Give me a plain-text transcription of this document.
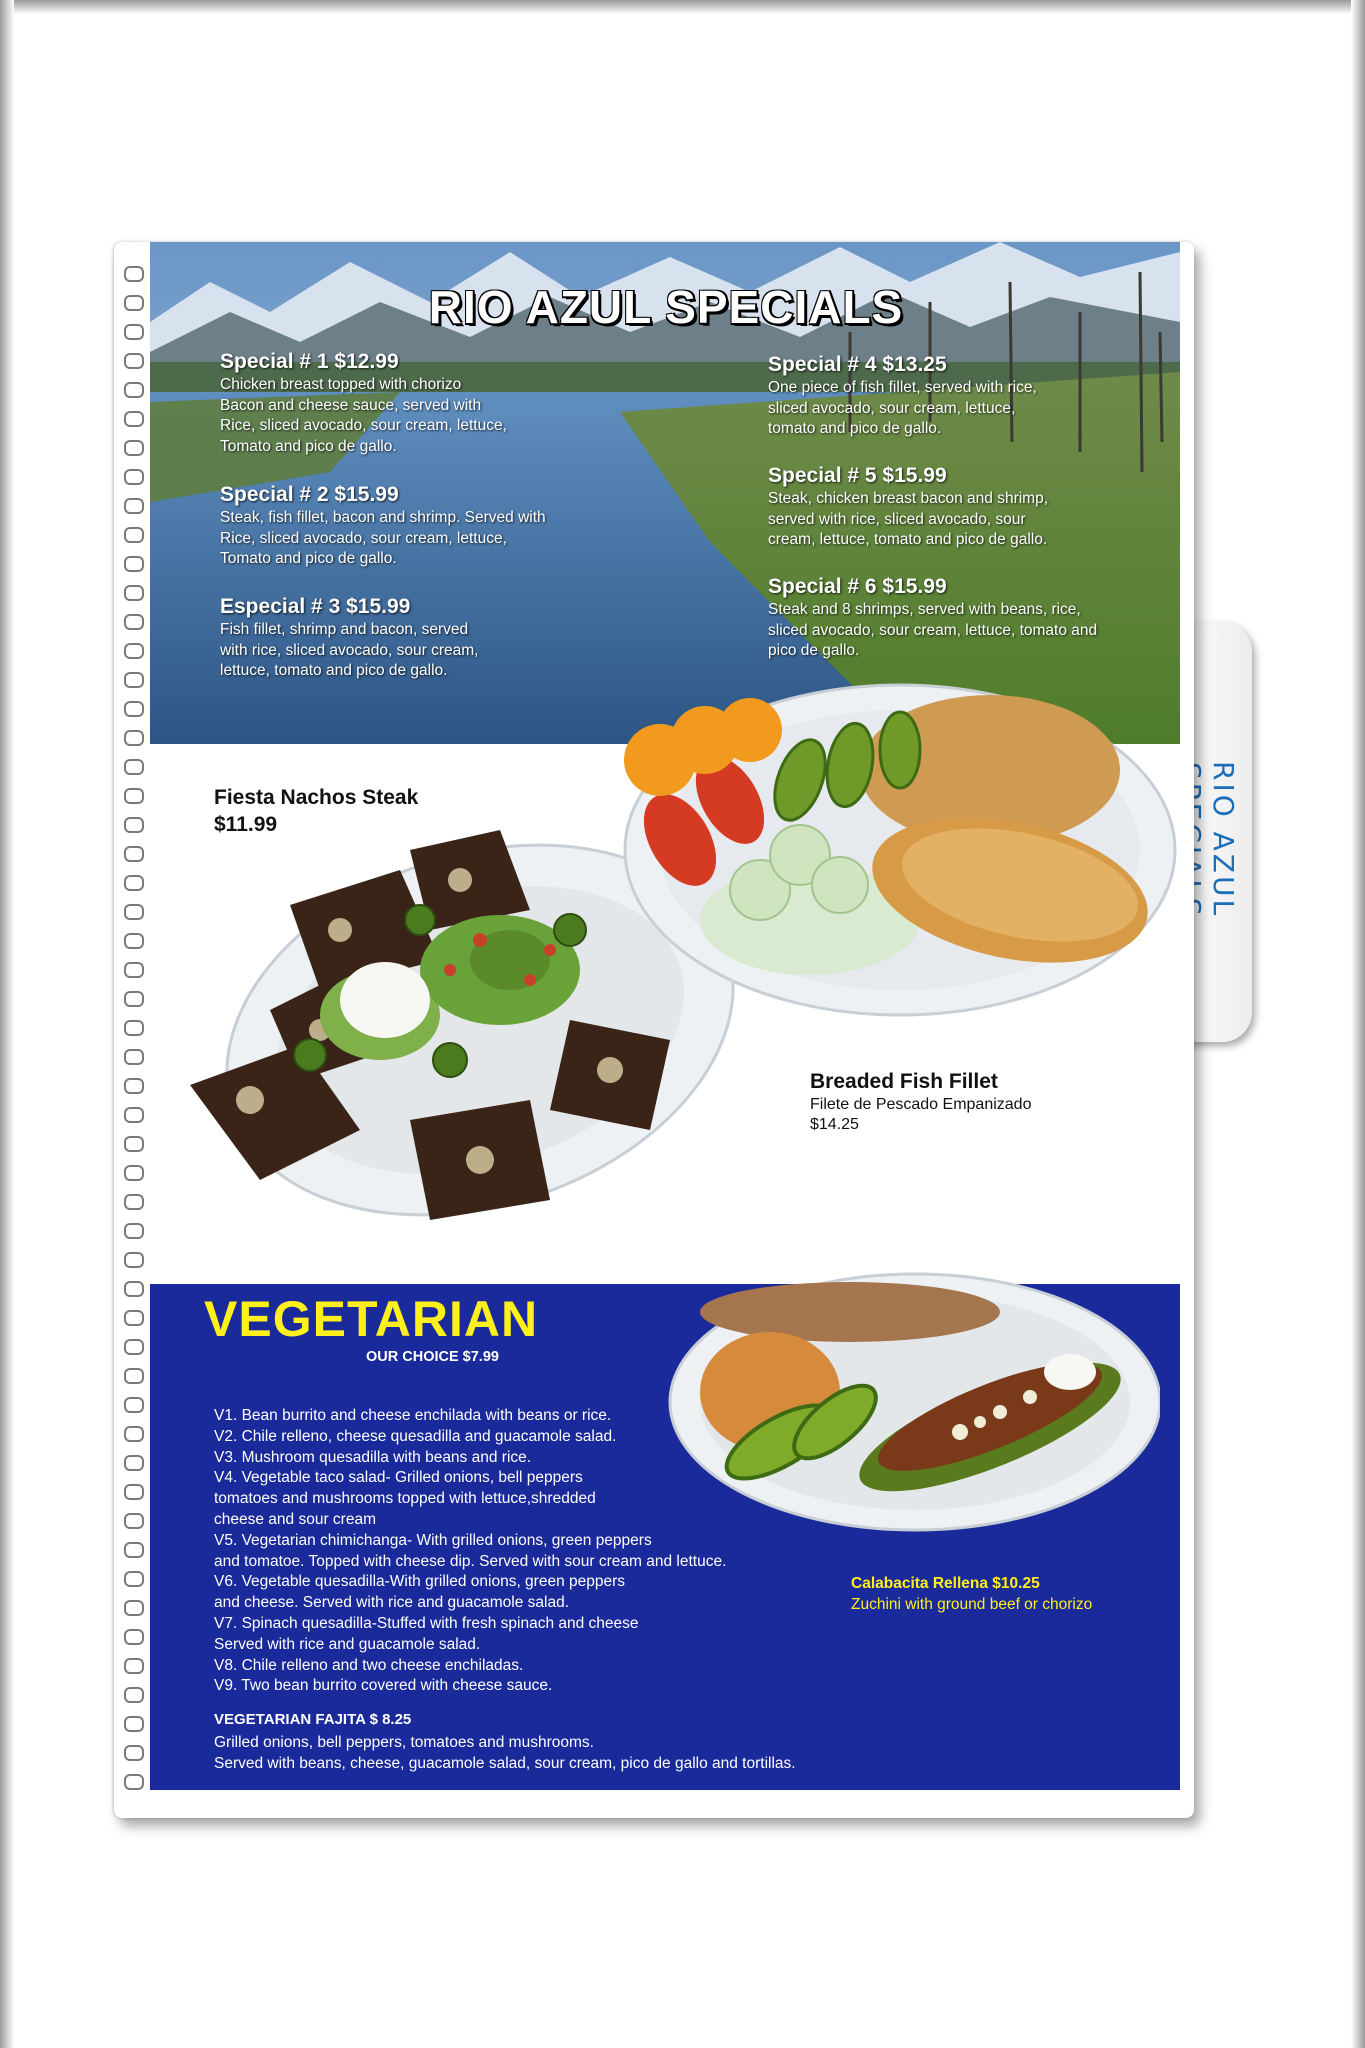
RIO AZUL
RIO AZUL SPECIALS
Special # 1 $12.99
Chicken breast topped with chorizo
Bacon and cheese sauce, served with
Rice, sliced avocado, sour cream, lettuce,
Tomato and pico de gallo.
Special # 2 $15.99
Steak, fish fillet, bacon and shrimp. Served with
Rice, sliced avocado, sour cream, lettuce,
Tomato and pico de gallo.
Especial # 3 $15.99
Fish fillet, shrimp and bacon, served
with rice, sliced avocado, sour cream,
lettuce, tomato and pico de gallo.
Special # 4 $13.25
One piece of fish fillet, served with rice,
sliced avocado, sour cream, lettuce,
tomato and pico de gallo.
Special # 5 $15.99
Steak, chicken breast bacon and shrimp,
served with rice, sliced avocado, sour
cream, lettuce, tomato and pico de gallo.
Special # 6 $15.99
Steak and 8 shrimps, served with beans, rice,
sliced avocado, sour cream, lettuce, tomato and
pico de gallo.
Fiesta Nachos Steak
$11.99
Breaded Fish Fillet
Filete de Pescado Empanizado
$14.25
VEGETARIAN
OUR CHOICE $7.99
V1. Bean burrito and cheese enchilada with beans or rice.
V2. Chile relleno, cheese quesadilla and guacamole salad.
V3. Mushroom quesadilla with beans and rice.
V4. Vegetable taco salad- Grilled onions, bell peppers
tomatoes and mushrooms topped with lettuce,shredded
cheese and sour cream
V5. Vegetarian chimichanga- With grilled onions, green peppers
and tomatoe. Topped with cheese dip. Served with sour cream and lettuce.
V6. Vegetable quesadilla-With grilled onions, green peppers
and cheese. Served with rice and guacamole salad.
V7. Spinach quesadilla-Stuffed with fresh spinach and cheese
Served with rice and guacamole salad.
V8. Chile relleno and two cheese enchiladas.
V9. Two bean burrito covered with cheese sauce.
VEGETARIAN FAJITA $ 8.25
Grilled onions, bell peppers, tomatoes and mushrooms.
Served with beans, cheese, guacamole salad, sour cream, pico de gallo and tortillas.
Calabacita Rellena $10.25
Zuchini with ground beef or chorizo
